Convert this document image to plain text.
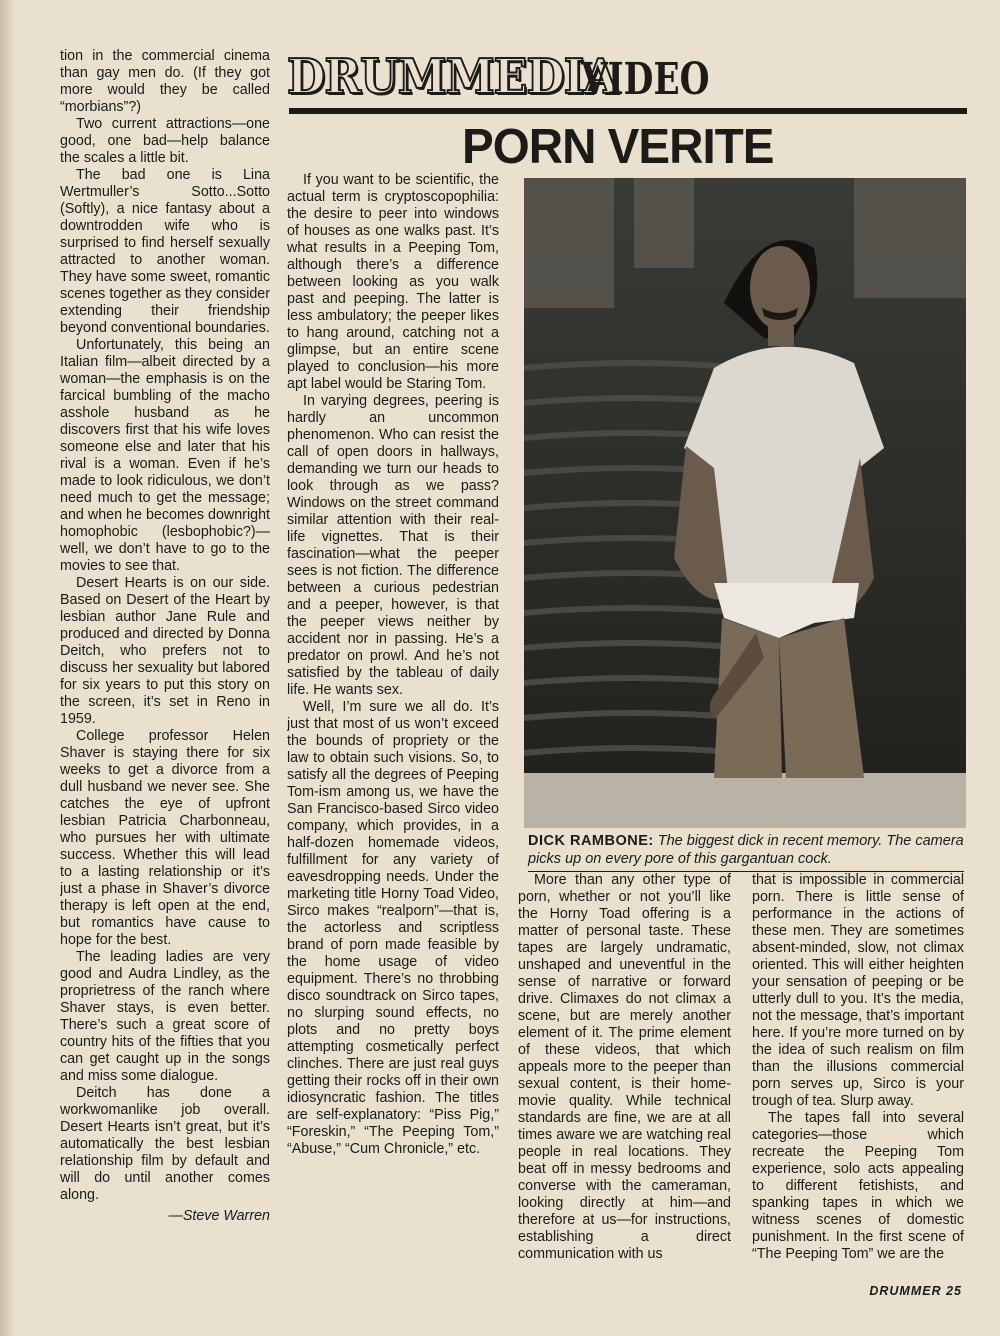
tion in the commercial cinema than gay men do. (If they got more would they be called “morbians”?)

Two current attractions—one good, one bad—help balance the scales a little bit.

The bad one is Lina Wertmuller’s Sotto...Sotto (Softly), a nice fantasy about a downtrodden wife who is surprised to find herself sexually attracted to another woman. They have some sweet, romantic scenes together as they consider extending their friendship beyond conventional boundaries.

Unfortunately, this being an Italian film—albeit directed by a woman—the emphasis is on the farcical bumbling of the macho asshole husband as he discovers first that his wife loves someone else and later that his rival is a woman. Even if he’s made to look ridiculous, we don’t need much to get the message; and when he becomes downright homophobic (lesbophobic?)—well, we don’t have to go to the movies to see that.

Desert Hearts is on our side. Based on Desert of the Heart by lesbian author Jane Rule and produced and directed by Donna Deitch, who prefers not to discuss her sexuality but labored for six years to put this story on the screen, it’s set in Reno in 1959.

College professor Helen Shaver is staying there for six weeks to get a divorce from a dull husband we never see. She catches the eye of upfront lesbian Patricia Charbonneau, who pursues her with ultimate success. Whether this will lead to a lasting relationship or it’s just a phase in Shaver’s divorce therapy is left open at the end, but romantics have cause to hope for the best.

The leading ladies are very good and Audra Lindley, as the proprietress of the ranch where Shaver stays, is even better. There’s such a great score of country hits of the fifties that you can get caught up in the songs and miss some dialogue.

Deitch has done a workwomanlike job overall. Desert Hearts isn’t great, but it’s automatically the best lesbian relationship film by default and will do until another comes along.

—Steve Warren

DRUMMEDIA
VIDEO
PORN VERITE

If you want to be scientific, the actual term is cryptoscopophilia: the desire to peer into windows of houses as one walks past. It’s what results in a Peeping Tom, although there’s a difference between looking as you walk past and peeping. The latter is less ambulatory; the peeper likes to hang around, catching not a glimpse, but an entire scene played to conclusion—his more apt label would be Staring Tom.

In varying degrees, peering is hardly an uncommon phenomenon. Who can resist the call of open doors in hallways, demanding we turn our heads to look through as we pass? Windows on the street command similar attention with their real-life vignettes. That is their fascination—what the peeper sees is not fiction. The difference between a curious pedestrian and a peeper, however, is that the peeper views neither by accident nor in passing. He’s a predator on prowl. And he’s not satisfied by the tableau of daily life. He wants sex.

Well, I’m sure we all do. It’s just that most of us won’t exceed the bounds of propriety or the law to obtain such visions. So, to satisfy all the degrees of Peeping Tom-ism among us, we have the San Francisco-based Sirco video company, which provides, in a half-dozen homemade videos, fulfillment for any variety of eavesdropping needs. Under the marketing title Horny Toad Video, Sirco makes “realporn”—that is, the actorless and scriptless brand of porn made feasible by the home usage of video equipment. There’s no throbbing disco soundtrack on Sirco tapes, no slurping sound effects, no plots and no pretty boys attempting cosmetically perfect clinches. There are just real guys getting their rocks off in their own idiosyncratic fashion. The titles are self-explanatory: “Piss Pig,” “Foreskin,” “The Peeping Tom,” “Abuse,” “Cum Chronicle,” etc.

DICK RAMBONE: The biggest dick in recent memory. The camera picks up on every pore of this gargantuan cock.

More than any other type of porn, whether or not you’ll like the Horny Toad offering is a matter of personal taste. These tapes are largely undramatic, unshaped and uneventful in the sense of narrative or forward drive. Climaxes do not climax a scene, but are merely another element of it. The prime element of these videos, that which appeals more to the peeper than sexual content, is their home-movie quality. While technical standards are fine, we are at all times aware we are watching real people in real locations. They beat off in messy bedrooms and converse with the cameraman, looking directly at him—and therefore at us—for instructions, establishing a direct communication with us

that is impossible in commercial porn. There is little sense of performance in the actions of these men. They are sometimes absent-minded, slow, not climax oriented. This will either heighten your sensation of peeping or be utterly dull to you. It’s the media, not the message, that’s important here. If you’re more turned on by the idea of such realism on film than the illusions commercial porn serves up, Sirco is your trough of tea. Slurp away.

The tapes fall into several categories—those which recreate the Peeping Tom experience, solo acts appealing to different fetishists, and spanking tapes in which we witness scenes of domestic punishment. In the first scene of “The Peeping Tom” we are the

DRUMMER 25
